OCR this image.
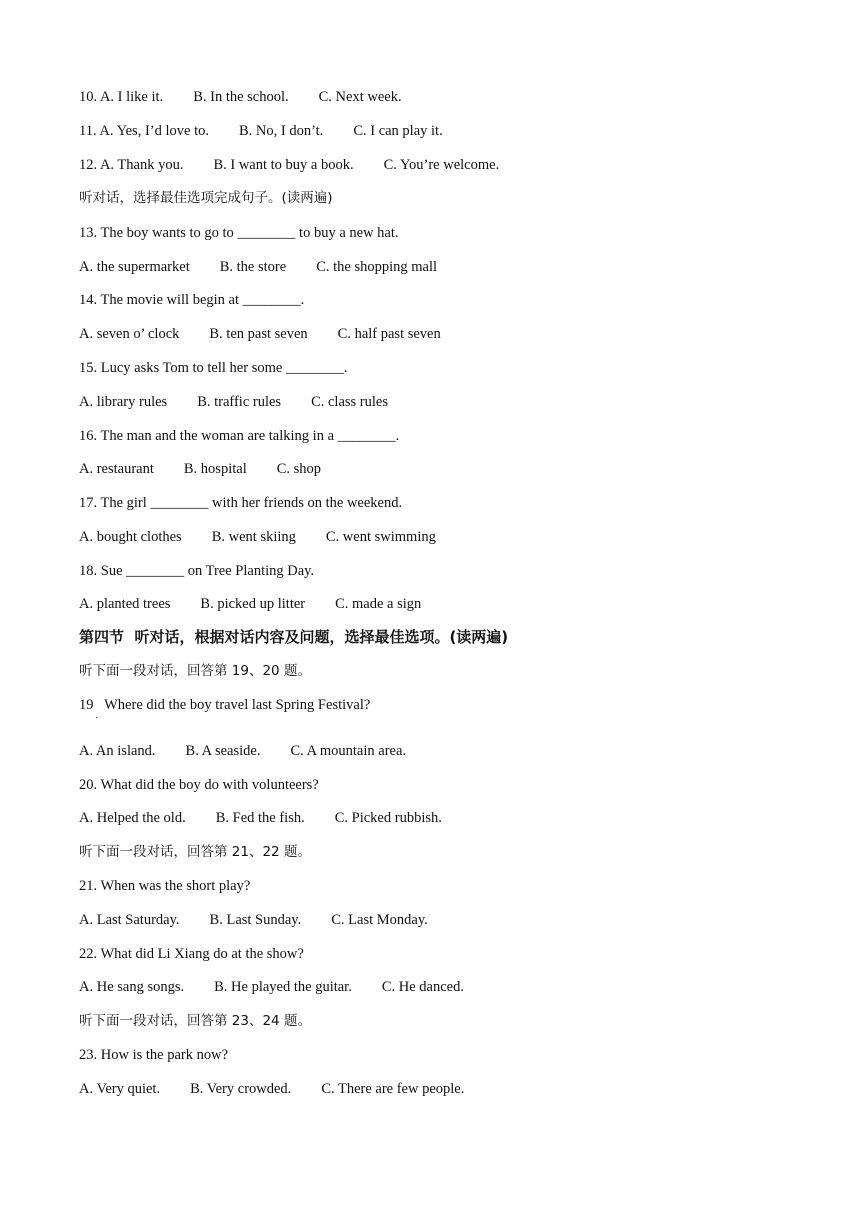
˙
10. A. I like it. B. In the school. C. Next week.
11. A. Yes, I’d love to. B. No, I don’t. C. I can play it.
12. A. Thank you. B. I want to buy a book. C. You’re welcome.
听对话，选择最佳选项完成句子。(读两遍)
13. The boy wants to go to ________ to buy a new hat.
A. the supermarket B. the store C. the shopping mall
14. The movie will begin at ________.
A. seven o’ clock B. ten past seven C. half past seven
15. Lucy asks Tom to tell her some ________.
A. library rules B. traffic rules C. class rules
16. The man and the woman are talking in a ________.
A. restaurant B. hospital C. shop
17. The girl ________ with her friends on the weekend.
A. bought clothes B. went skiing C. went swimming
18. Sue ________ on Tree Planting Day.
A. planted trees B. picked up litter C. made a sign
第四节  听对话，根据对话内容及问题，选择最佳选项。(读两遍)
听下面一段对话，回答第 19、20 题。
19   Where did the boy travel last Spring Festival?
A. An island. B. A seaside. C. A mountain area.
20. What did the boy do with volunteers?
A. Helped the old. B. Fed the fish. C. Picked rubbish.
听下面一段对话，回答第 21、22 题。
21. When was the short play?
A. Last Saturday. B. Last Sunday. C. Last Monday.
22. What did Li Xiang do at the show?
A. He sang songs. B. He played the guitar. C. He danced.
听下面一段对话，回答第 23、24 题。
23. How is the park now?
A. Very quiet. B. Very crowded. C. There are few people.
